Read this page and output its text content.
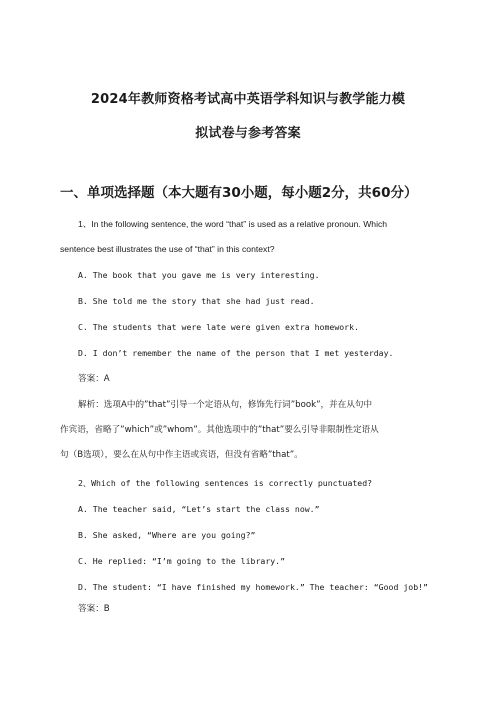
2024年教师资格考试高中英语学科知识与教学能力模
拟试卷与参考答案
一、单项选择题（本大题有30小题，每小题2分，共60分）
1、In the following sentence, the word “that” is used as a relative pronoun. Which
sentence best illustrates the use of “that” in this context?
A. The book that you gave me is very interesting.
B. She told me the story that she had just read.
C. The students that were late were given extra homework.
D. I don’t remember the name of the person that I met yesterday.
答案：A
解析：选项A中的”that”引导一个定语从句，修饰先行词”book”，并在从句中
作宾语，省略了”which”或”whom”。其他选项中的”that”要么引导非限制性定语从
句（B选项），要么在从句中作主语或宾语，但没有省略”that”。
2、Which of the following sentences is correctly punctuated?
A. The teacher said, “Let’s start the class now.”
B. She asked, “Where are you going?”
C. He replied: “I’m going to the library.”
D. The student: “I have finished my homework.” The teacher: “Good job!”
答案：B
